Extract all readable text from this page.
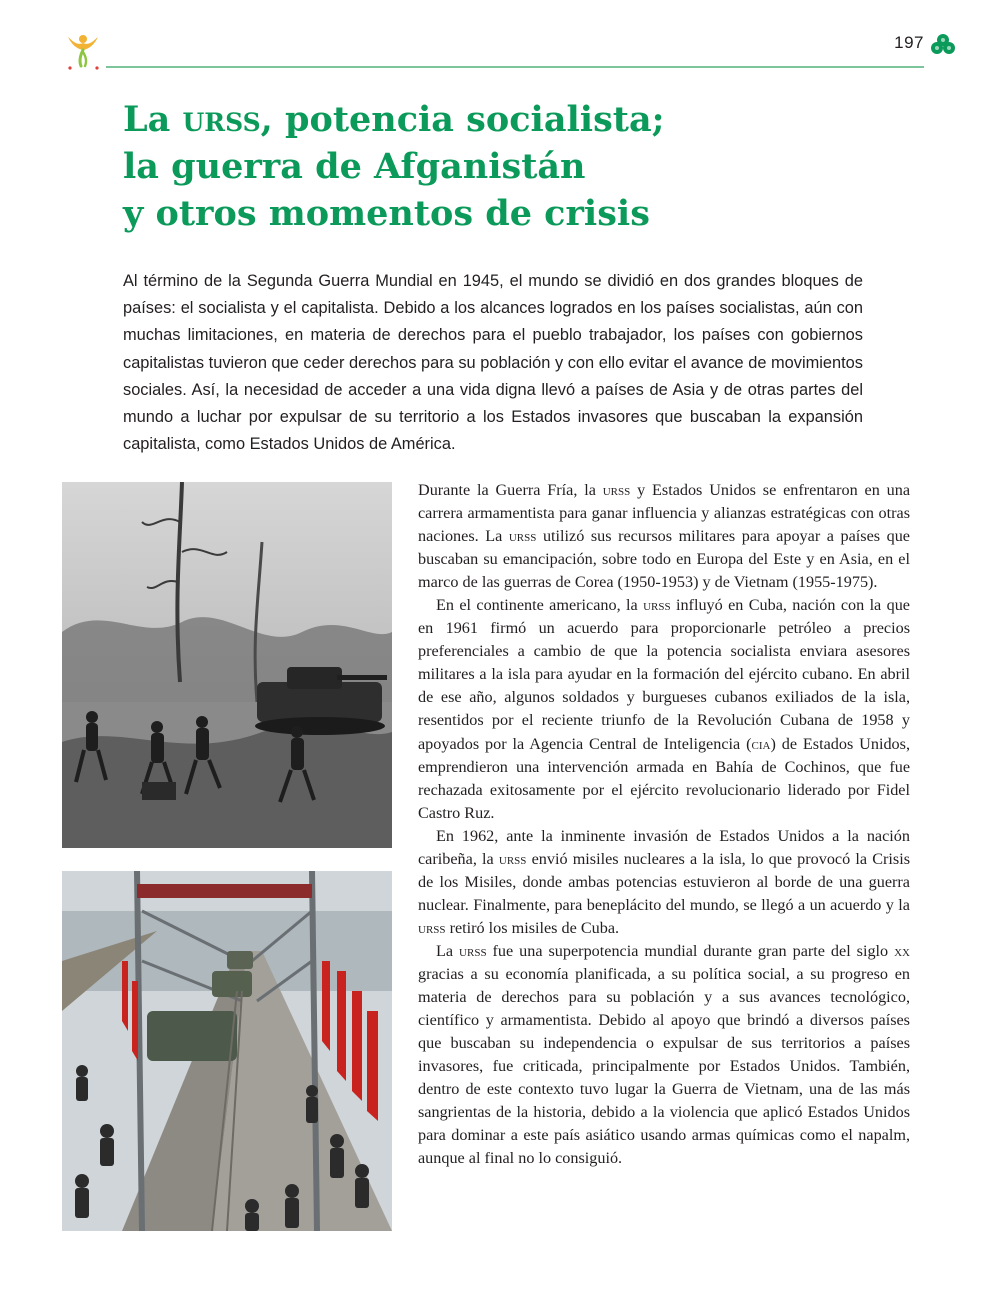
197
La urss, potencia socialista;
la guerra de Afganistán
y otros momentos de crisis

Al término de la Segunda Guerra Mundial en 1945, el mundo se dividió en dos grandes bloques de países: el socialista y el capitalista. Debido a los alcances logrados en los países socialistas, aún con muchas limitaciones, en materia de derechos para el pueblo trabajador, los países con gobiernos capitalistas tuvieron que ceder derechos para su población y con ello evitar el avance de movimientos sociales. Así, la necesidad de acceder a una vida digna llevó a países de Asia y de otras partes del mundo a luchar por expulsar de su territorio a los Estados invasores que buscaban la expansión capitalista, como Estados Unidos de América.

Durante la Guerra Fría, la urss y Estados Unidos se enfrentaron en una carrera armamentista para ganar influencia y alianzas estratégicas con otras naciones. La urss utilizó sus recursos militares para apoyar a países que buscaban su emancipación, sobre todo en Europa del Este y en Asia, en el marco de las guerras de Corea (1950-1953) y de Vietnam (1955-1975).

En el continente americano, la urss influyó en Cuba, nación con la que en 1961 firmó un acuerdo para proporcionarle petróleo a precios preferenciales a cambio de que la potencia socialista enviara asesores militares a la isla para ayudar en la formación del ejército cubano. En abril de ese año, algunos soldados y burgueses cubanos exiliados de la isla, resentidos por el reciente triunfo de la Revolución Cubana de 1958 y apoyados por la Agencia Central de Inteligencia (cia) de Estados Unidos, emprendieron una intervención armada en Bahía de Cochinos, que fue rechazada exitosamente por el ejército revolucionario liderado por Fidel Castro Ruz.

En 1962, ante la inminente invasión de Estados Unidos a la nación caribeña, la urss envió misiles nucleares a la isla, lo que provocó la Crisis de los Misiles, donde ambas potencias estuvieron al borde de una guerra nuclear. Finalmente, para beneplácito del mundo, se llegó a un acuerdo y la urss retiró los misiles de Cuba.

La urss fue una superpotencia mundial durante gran parte del siglo xx gracias a su economía planificada, a su política social, a su progreso en materia de derechos para su población y a sus avances tecnológico, científico y armamentista. Debido al apoyo que brindó a diversos países que buscaban su independencia o expulsar de sus territorios a países invasores, fue criticada, principalmente por Estados Unidos. También, dentro de este contexto tuvo lugar la Guerra de Vietnam, una de las más sangrientas de la historia, debido a la violencia que aplicó Estados Unidos para dominar a este país asiático usando armas químicas como el napalm, aunque al final no lo consiguió.
